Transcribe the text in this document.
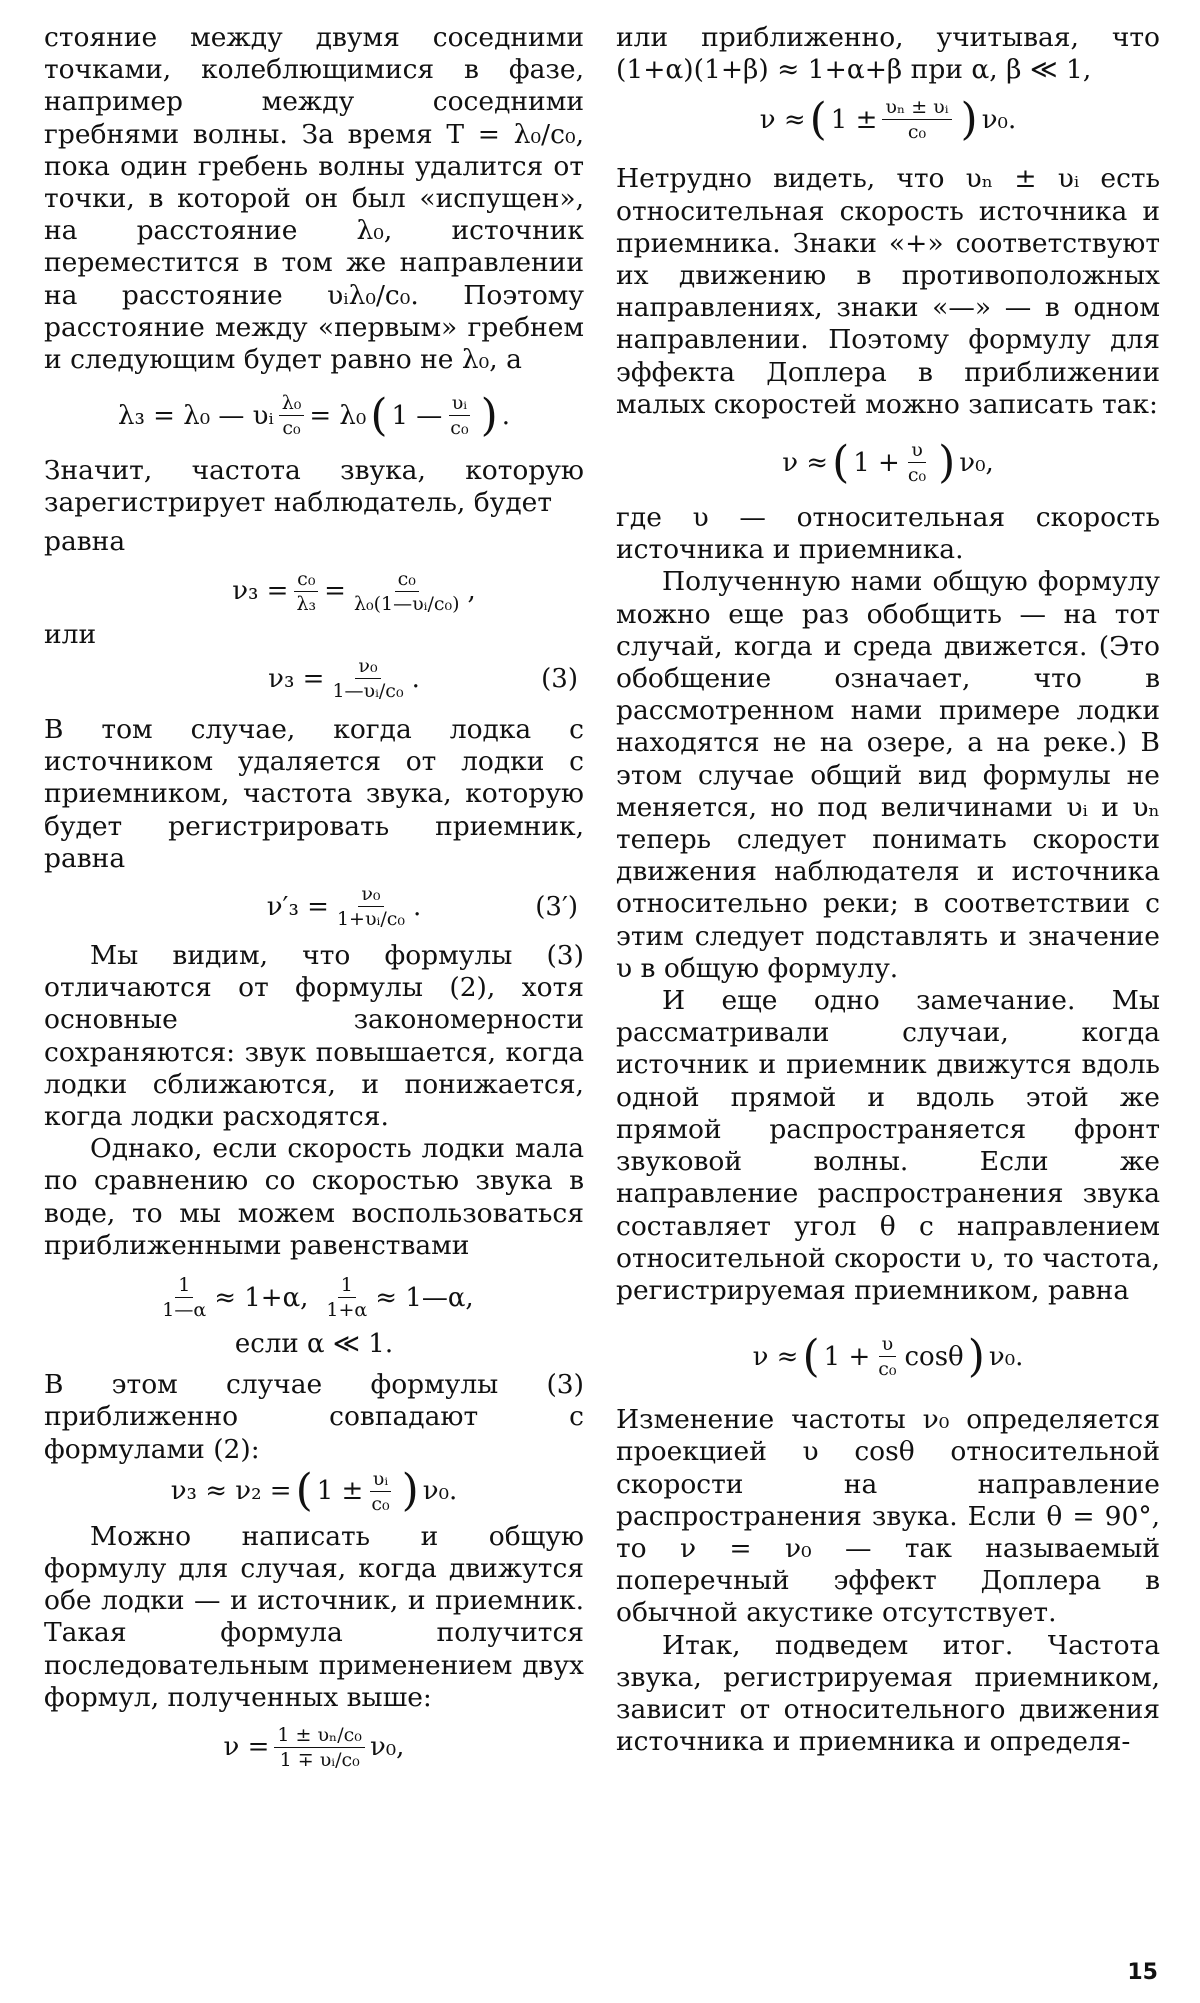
стояние между двумя соседними точками, колеблющимися в фазе, например между соседними гребнями волны. За время T = λ₀/c₀, пока один гребень волны удалится от точки, в которой он был «испущен», на расстояние λ₀, источник переместится в том же направлении на расстояние υᵢλ₀/c₀. Поэтому расстояние между «первым» гребнем и следующим будет равно не λ₀, а

λ₃ = λ₀ — υᵢ $\frac{\text{λ₀}}{\text{c₀}} = \lambda_0$ ( 1 — $\frac{\text{υᵢ}}{\text{c₀}}$ ) .

Значит, частота звука, которую зарегистрирует наблюдатель, будет

равна

$\nu_3 = \frac{\text{c₀}}{\text{λ₃}} = \frac{\text{c₀}}{\text{λ₀(1—υᵢ/c₀)}}$ ,

или

$\nu_3 = \frac{\text{ν₀}}{\text{1—υᵢ/c₀}}$ .	(3)

В том случае, когда лодка с источником удаляется от лодки с приемником, частота звука, которую будет регистрировать приемник, равна

$\nu'_3 = \frac{\text{ν₀}}{\text{1+υᵢ/c₀}}$ .	(3′)

Мы видим, что формулы (3) отличаются от формулы (2), хотя основные закономерности сохраняются: звук повышается, когда лодки сближаются, и понижается, когда лодки расходятся.

Однако, если скорость лодки мала по сравнению со скоростью звука в воде, то мы можем воспользоваться приближенными равенствами

$\frac{1}{1—\alpha} \approx 1+\alpha$, $\frac{1}{1+\alpha}$ ≈ 1—α,
если α ≪ 1.

В этом случае формулы (3) приближенно совпадают с формулами (2):

ν₃ ≈ ν₂ = ( $1 \pm \frac{\text{υᵢ}}{\text{c₀}}$ ) ν₀.

Можно написать и общую формулу для случая, когда движутся обе лодки — и источник, и приемник. Такая формула получится последовательным применением двух формул, полученных выше:

$\nu = \frac{\text{1 ± υₙ/c₀}}{\text{1 ∓ υᵢ/c₀}} \nu_0$,

или приближенно, учитывая, что (1+α)(1+β) ≈ 1+α+β при α, β ≪ 1,

ν ≈ ( $1 \pm \frac{\text{υₙ ± υᵢ}}{\text{c₀}}$ ) ν₀.

Нетрудно видеть, что υₙ ± υᵢ есть относительная скорость источника и приемника. Знаки «+» соответствуют их движению в противоположных направлениях, знаки «—» — в одном направлении. Поэтому формулу для эффекта Доплера в приближении малых скоростей можно записать так:

ν ≈ ( $1 + \frac{\upsilon}{\text{c₀}}$ ) ν₀,

где υ — относительная скорость источника и приемника.

Полученную нами общую формулу можно еще раз обобщить — на тот случай, когда и среда движется. (Это обобщение означает, что в рассмотренном нами примере лодки находятся не на озере, а на реке.) В этом случае общий вид формулы не меняется, но под величинами υᵢ и υₙ теперь следует понимать скорости движения наблюдателя и источника относительно реки; в соответствии с этим следует подставлять и значение υ в общую формулу.

И еще одно замечание. Мы рассматривали случаи, когда источник и приемник движутся вдоль одной прямой и вдоль этой же прямой распространяется фронт звуковой волны. Если же направление распространения звука составляет угол θ с направлением относительной скорости υ, то частота, регистрируемая приемником, равна

ν ≈ ( $1 + \frac{\upsilon}{\text{c₀}}$ cosθ ) ν₀.

Изменение частоты ν₀ определяется проекцией υ cosθ относительной скорости на направление распространения звука. Если θ = 90°, то ν = ν₀ — так называемый поперечный эффект Доплера в обычной акустике отсутствует.

Итак, подведем итог. Частота звука, регистрируемая приемником, зависит от относительного движения источника и приемника и определя-

15
